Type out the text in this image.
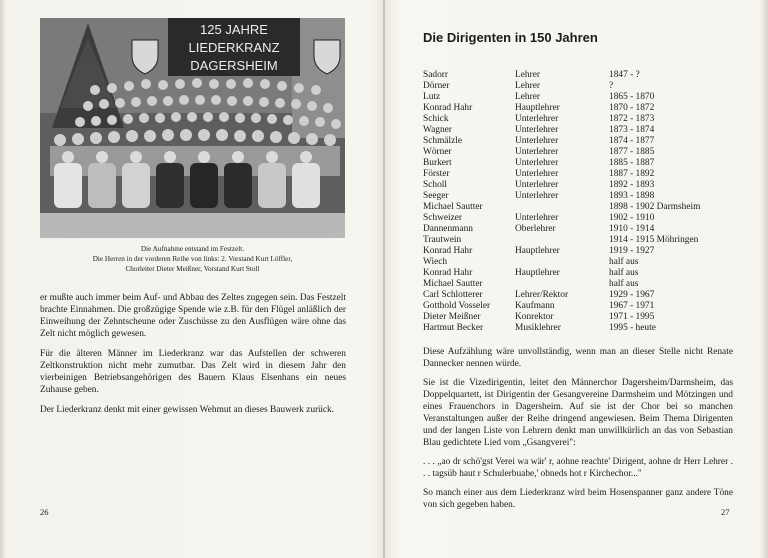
125 JAHRE
LIEDERKRANZ
DAGERSHEIM
Die Aufnahme entstand im Festzelt.
Die Herren in der vorderen Reihe von links: 2. Vorstand Kurt Löffler,
Chorleiter Dieter Meißner, Vorstand Kurt Stoll

er mußte auch immer beim Auf- und Abbau des Zeltes zugegen sein. Das Festzelt brachte Einnahmen. Die großzügige Spende wie z.B. für den Flügel anläßlich der Einweihung der Zehntscheune oder Zuschüsse zu den Ausflügen wäre ohne das Zelt nicht möglich gewesen.

Für die älteren Männer im Liederkranz war das Aufstellen der schweren Zeltkonstruktion nicht mehr zumutbar. Das Zelt wird in diesem Jahr den vierbeinigen Betriebsangehörigen des Bauern Klaus Elsenhans ein neues Zuhause geben.

Der Liederkranz denkt mit einer gewissen Wehmut an dieses Bauwerk zurück.

26
Die Dirigenten in 150 Jahren
Sadorr	Lehrer	1847 - ?
Dörner	Lehrer	?
Lutz	Lehrer	1865 - 1870
Konrad Hahr	Hauptlehrer	1870 - 1872
Schick	Unterlehrer	1872 - 1873
Wagner	Unterlehrer	1873 - 1874
Schmälzle	Unterlehrer	1874 - 1877
Wörner	Unterlehrer	1877 - 1885
Burkert	Unterlehrer	1885 - 1887
Förster	Unterlehrer	1887 - 1892
Scholl	Unterlehrer	1892 - 1893
Seeger	Unterlehrer	1893 - 1898
Michael Sautter		1898 - 1902 Darmsheim
Schweizer	Unterlehrer	1902 - 1910
Dannenmann	Oberlehrer	1910 - 1914
Trautwein		1914 - 1915 Möhringen
Konrad Hahr	Hauptlehrer	1919 - 1927
Wiech		half aus
Konrad Hahr	Hauptlehrer	half aus
Michael Sautter		half aus
Carl Schlotterer	Lehrer/Rektor	1929 - 1967
Gotthold Vosseler	Kaufmann	1967 - 1971
Dieter Meißner	Konrektor	1971 - 1995
Hartmut Becker	Musiklehrer	1995 - heute

Diese Aufzählung wäre unvollständig, wenn man an dieser Stelle nicht Renate Dannecker nennen würde.

Sie ist die Vizedirigentin, leitet den Männerchor Dagersheim/Darmsheim, das Doppelquartett, ist Dirigentin der Gesangvereine Darmsheim und Mötzingen und eines Frauenchors in Dagersheim. Auf sie ist der Chor bei so manchen Veranstaltungen außer der Reihe dringend angewiesen. Beim Thema Dirigenten und der langen Liste von Lehrern denkt man unwillkürlich an das von Sebastian Blau gedichtete Lied vom „Gsangverei":

. . . „ao dr schö'gst Verei wa wär' r, aohne reachte' Dirigent, aohne dr Herr Lehrer . . . tagsüb haut r Schulerbuabe,' obneds hot r Kirchechor..."

So manch einer aus dem Liederkranz wird beim Hosenspanner ganz andere Töne von sich gegeben haben.

27
